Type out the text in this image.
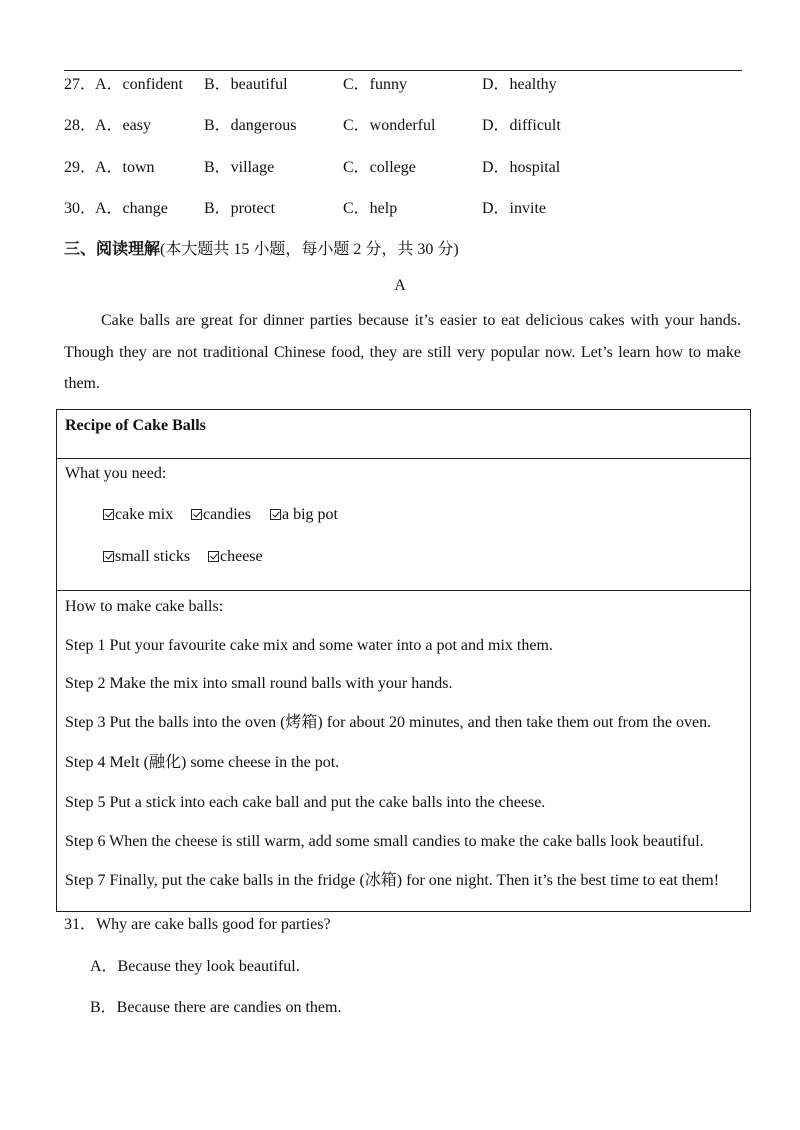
27．
A．confident B．beautiful	C．funny	D．healthy
28．
A．easy	B．dangerous	C．wonderful	D．difficult
29．
A．town	B．village	C．college	D．hospital
30．
A．change B．protect	C．help	D．invite
三、阅读理解(本大题共 15 小题，每小题 2 分，共 30 分)
A

Cake balls are great for dinner parties because it’s easier to eat delicious cakes with your hands. Though they are not traditional Chinese food, they are still very popular now. Let’s learn how to make them.

Recipe of Cake Balls
What you need:
cake mix	candies	a big pot
small sticks	cheese
How to make cake balls:
Step 1 Put your favourite cake mix and some water into a pot and mix them.
Step 2 Make the mix into small round balls with your hands.
Step 3 Put the balls into the oven (烤箱) for about 20 minutes, and then take them out from the oven.
Step 4 Melt (融化) some cheese in the pot.
Step 5 Put a stick into each cake ball and put the cake balls into the cheese.
Step 6 When the cheese is still warm, add some small candies to make the cake balls look beautiful.
Step 7 Finally, put the cake balls in the fridge (冰箱) for one night. Then it’s the best time to eat them!
31．Why are cake balls good for parties?
A．Because they look beautiful.
B．Because there are candies on them.
